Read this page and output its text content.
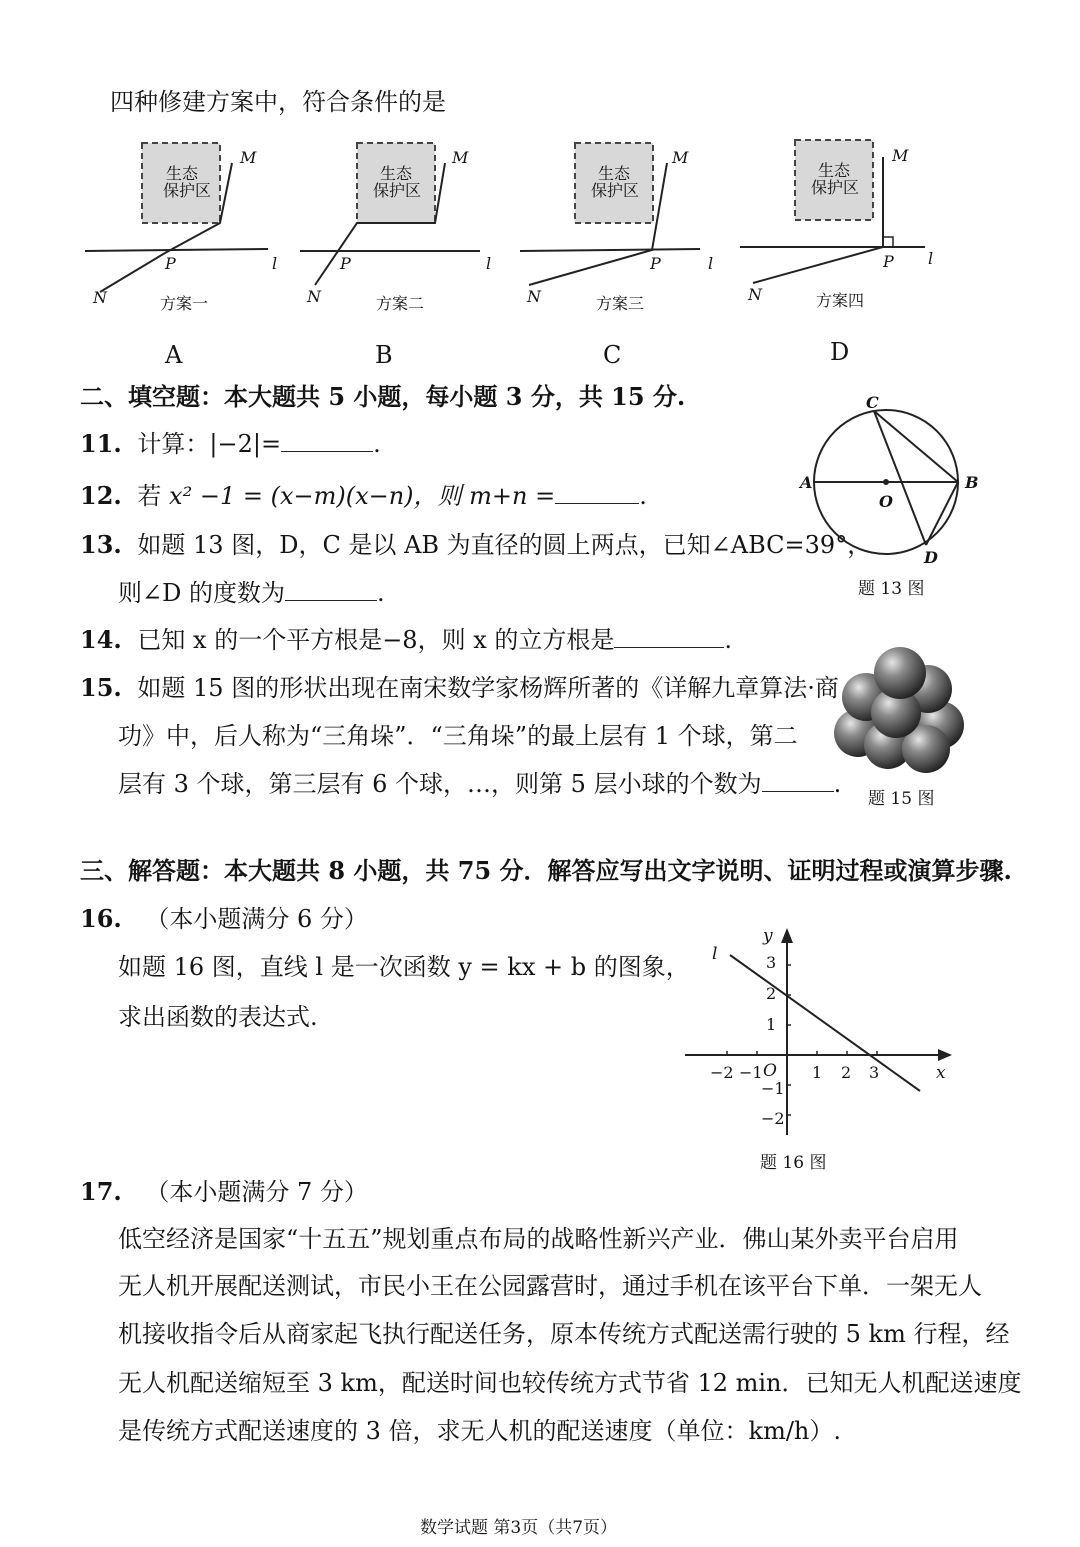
四种修建方案中，符合条件的是
生态
保护区
M
P	l
N	方案一
A
生态
保护区
M
P	l
N	方案二
B
生态
保护区
M
P	l
N	方案三
C
生态
保护区
M
P l
N	方案四
D
二、填空题：本大题共 5 小题，每小题 3 分，共 15 分.
11. 计算：|−2|=	.
12. 若 x² −1 = (x−m)(x−n)，则 m+n =	.
13. 如题 13 图，D，C 是以 AB 为直径的圆上两点，已知∠ABC=39°，
则∠D 的度数为	.
C
A	B
O
D
题 13 图
14. 已知 x 的一个平方根是−8，则 x 的立方根是	.
15. 如题 15 图的形状出现在南宋数学家杨辉所著的《详解九章算法·商
功》中，后人称为“三角垛”．“三角垛”的最上层有 1 个球，第二
层有 3 个球，第三层有 6 个球，…，则第 5 层小球的个数为	.
题 15 图
三、解答题：本大题共 8 小题，共 75 分．解答应写出文字说明、证明过程或演算步骤.
16. （本小题满分 6 分）
如题 16 图，直线 l 是一次函数 y = kx + b 的图象，
求出函数的表达式.
l
y
x
O
3
2
1
−1
−2
−2 −1	1 2 3
题 16 图
17. （本小题满分 7 分）
低空经济是国家“十五五”规划重点布局的战略性新兴产业．佛山某外卖平台启用
无人机开展配送测试，市民小王在公园露营时，通过手机在该平台下单．一架无人
机接收指令后从商家起飞执行配送任务，原本传统方式配送需行驶的 5 km 行程，经
无人机配送缩短至 3 km，配送时间也较传统方式节省 12 min．已知无人机配送速度
是传统方式配送速度的 3 倍，求无人机的配送速度（单位：km/h）.
数学试题 第3页（共7页）
